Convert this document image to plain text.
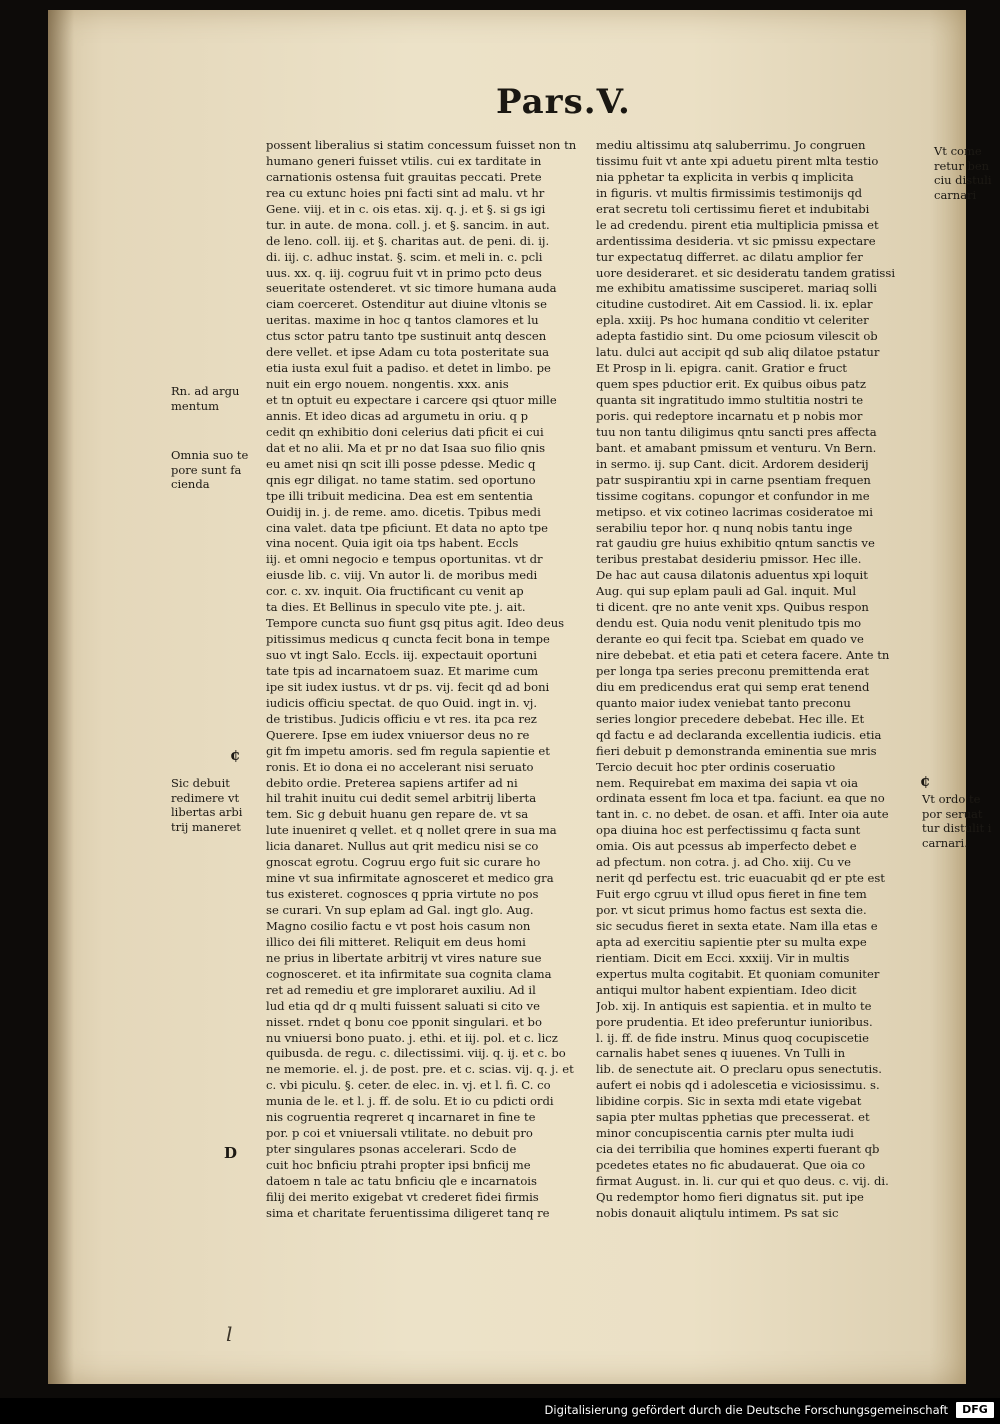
Pars.V.
possent liberalius si statim concessum fuisset non tn
humano generi fuisset vtilis. cui ex tarditate in
carnationis ostensa fuit grauitas peccati. Prete
rea cu extunc hoies pni facti sint ad malu. vt hr
Gene. viij. et in c. ois etas. xij. q. j. et §. si gs igi
tur. in aute. de mona. coll. j. et §. sancim. in aut.
de leno. coll. iij. et §. charitas aut. de peni. di. ij.
di. iij. c. adhuc instat. §. scim. et meli in. c. pcli
uus. xx. q. iij. cogruu fuit vt in primo pcto deus
seueritate ostenderet. vt sic timore humana auda
ciam coerceret. Ostenditur aut diuine vltonis se
ueritas. maxime in hoc q tantos clamores et lu
ctus sctor patru tanto tpe sustinuit antq descen
dere vellet. et ipse Adam cu tota posteritate sua
etia iusta exul fuit a padiso. et detet in limbo. pe
nuit ein ergo nouem. nongentis. xxx. anis
et tn optuit eu expectare i carcere qsi qtuor mille
annis. Et ideo dicas ad argumetu in oriu. q p
cedit qn exhibitio doni celerius dati pficit ei cui
dat et no alii. Ma et pr no dat Isaa suo filio qnis
eu amet nisi qn scit illi posse pdesse. Medic q
qnis egr diligat. no tame statim. sed oportuno
tpe illi tribuit medicina. Dea est em sententia
Ouidij in. j. de reme. amo. dicetis. Tpibus medi
cina valet. data tpe pficiunt. Et data no apto tpe
vina nocent. Quia igit oia tps habent. Eccls
iij. et omni negocio e tempus oportunitas. vt dr
eiusde lib. c. viij. Vn autor li. de moribus medi
cor. c. xv. inquit. Oia fructificant cu venit ap
ta dies. Et Bellinus in speculo vite pte. j. ait.
Tempore cuncta suo fiunt gsq pitus agit. Ideo deus
pitissimus medicus q cuncta fecit bona in tempe
suo vt ingt Salo. Eccls. iij. expectauit oportuni
tate tpis ad incarnatoem suaz. Et marime cum
ipe sit iudex iustus. vt dr ps. vij. fecit qd ad boni
iudicis officiu spectat. de quo Ouid. ingt in. vj.
de tristibus. Judicis officiu e vt res. ita pca rez
Querere. Ipse em iudex vniuersor deus no re
git fm impetu amoris. sed fm regula sapientie et
ronis. Et io dona ei no accelerant nisi seruato
debito ordie. Preterea sapiens artifer ad ni
hil trahit inuitu cui dedit semel arbitrij liberta
tem. Sic g debuit huanu gen repare de. vt sa
lute inueniret q vellet. et q nollet qrere in sua ma
licia danaret. Nullus aut qrit medicu nisi se co
gnoscat egrotu. Cogruu ergo fuit sic curare ho
mine vt sua infirmitate agnosceret et medico gra
tus existeret. cognosces q ppria virtute no pos
se curari. Vn sup eplam ad Gal. ingt glo. Aug.
Magno cosilio factu e vt post hois casum non
illico dei fili mitteret. Reliquit em deus homi
ne prius in libertate arbitrij vt vires nature sue
cognosceret. et ita infirmitate sua cognita clama
ret ad remediu et gre imploraret auxiliu. Ad il
lud etia qd dr q multi fuissent saluati si cito ve
nisset. rndet q bonu coe pponit singulari. et bo
nu vniuersi bono puato. j. ethi. et iij. pol. et c. licz
quibusda. de regu. c. dilectissimi. viij. q. ij. et c. bo
ne memorie. el. j. de post. pre. et c. scias. vij. q. j. et
c. vbi piculu. §. ceter. de elec. in. vj. et l. fi. C. co
munia de le. et l. j. ff. de solu. Et io cu pdicti ordi
nis cogruentia reqreret q incarnaret in fine te
por. p coi et vniuersali vtilitate. no debuit pro
pter singulares psonas accelerari. Scdo de
cuit hoc bnficiu ptrahi propter ipsi bnficij me
datoem n tale ac tatu bnficiu qle e incarnatois
filij dei merito exigebat vt crederet fidei firmis
sima et charitate feruentissima diligeret tanq re
mediu altissimu atq saluberrimu. Jo congruen
tissimu fuit vt ante xpi aduetu pirent mlta testio
nia pphetar ta explicita in verbis q implicita
in figuris. vt multis firmissimis testimonijs qd
erat secretu toli certissimu fieret et indubitabi
le ad credendu. pirent etia multiplicia pmissa et
ardentissima desideria. vt sic pmissu expectare
tur expectatuq differret. ac dilatu amplior fer
uore desideraret. et sic desideratu tandem gratissi
me exhibitu amatissime susciperet. mariaq solli
citudine custodiret. Ait em Cassiod. li. ix. eplar
epla. xxiij. Ps hoc humana conditio vt celeriter
adepta fastidio sint. Du ome pciosum vilescit ob
latu. dulci aut accipit qd sub aliq dilatoe pstatur
Et Prosp in li. epigra. canit. Gratior e fruct
quem spes pductior erit. Ex quibus oibus patz
quanta sit ingratitudo immo stultitia nostri te
poris. qui redeptore incarnatu et p nobis mor
tuu non tantu diligimus qntu sancti pres affecta
bant. et amabant pmissum et venturu. Vn Bern.
in sermo. ij. sup Cant. dicit. Ardorem desiderij
patr suspirantiu xpi in carne psentiam frequen
tissime cogitans. copungor et confundor in me
metipso. et vix cotineo lacrimas cosideratoe mi
serabiliu tepor hor. q nunq nobis tantu inge
rat gaudiu gre huius exhibitio qntum sanctis ve
teribus prestabat desideriu pmissor. Hec ille.
De hac aut causa dilatonis aduentus xpi loquit
Aug. qui sup eplam pauli ad Gal. inquit. Mul
ti dicent. qre no ante venit xps. Quibus respon
dendu est. Quia nodu venit plenitudo tpis mo
derante eo qui fecit tpa. Sciebat em quado ve
nire debebat. et etia pati et cetera facere. Ante tn
per longa tpa series preconu premittenda erat
diu em predicendus erat qui semp erat tenend
quanto maior iudex veniebat tanto preconu
series longior precedere debebat. Hec ille. Et
qd factu e ad declaranda excellentia iudicis. etia
fieri debuit p demonstranda eminentia sue mris
Tercio decuit hoc pter ordinis coseruatio
nem. Requirebat em maxima dei sapia vt oia
ordinata essent fm loca et tpa. faciunt. ea que no
tant in. c. no debet. de osan. et affi. Inter oia aute
opa diuina hoc est perfectissimu q facta sunt
omia. Ois aut pcessus ab imperfecto debet e
ad pfectum. non cotra. j. ad Cho. xiij. Cu ve
nerit qd perfectu est. tric euacuabit qd er pte est
Fuit ergo cgruu vt illud opus fieret in fine tem
por. vt sicut primus homo factus est sexta die.
sic secudus fieret in sexta etate. Nam illa etas e
apta ad exercitiu sapientie pter su multa expe
rientiam. Dicit em Ecci. xxxiij. Vir in multis
expertus multa cogitabit. Et quoniam comuniter
antiqui multor habent expientiam. Ideo dicit
Job. xij. In antiquis est sapientia. et in multo te
pore prudentia. Et ideo preferuntur iunioribus.
l. ij. ff. de fide instru. Minus quoq cocupiscetie
carnalis habet senes q iuuenes. Vn Tulli in
lib. de senectute ait. O preclaru opus senectutis.
aufert ei nobis qd i adolescetia e viciosissimu. s.
libidine corpis. Sic in sexta mdi etate vigebat
sapia pter multas pphetias que precesserat. et
minor concupiscentia carnis pter multa iudi
cia dei terribilia que homines experti fuerant qb
pcedetes etates no fic abudauerat. Que oia co
firmat August. in. li. cur qui et quo deus. c. vij. di.
Qu redemptor homo fieri dignatus sit. put ipe
nobis donauit aliqtulu intimem. Ps sat sic
Rn. ad argu
mentum
Omnia suo te
pore sunt fa
cienda
Sic debuit
redimere vt
libertas arbi
trij maneret
Vt come
retur ben
ciu distuli
carnari
Vt ordo te
por seruat
tur distulit i
carnari.
¢
D
¢
l
Digitalisierung gefördert durch die Deutsche Forschungsgemeinschaft	DFG
